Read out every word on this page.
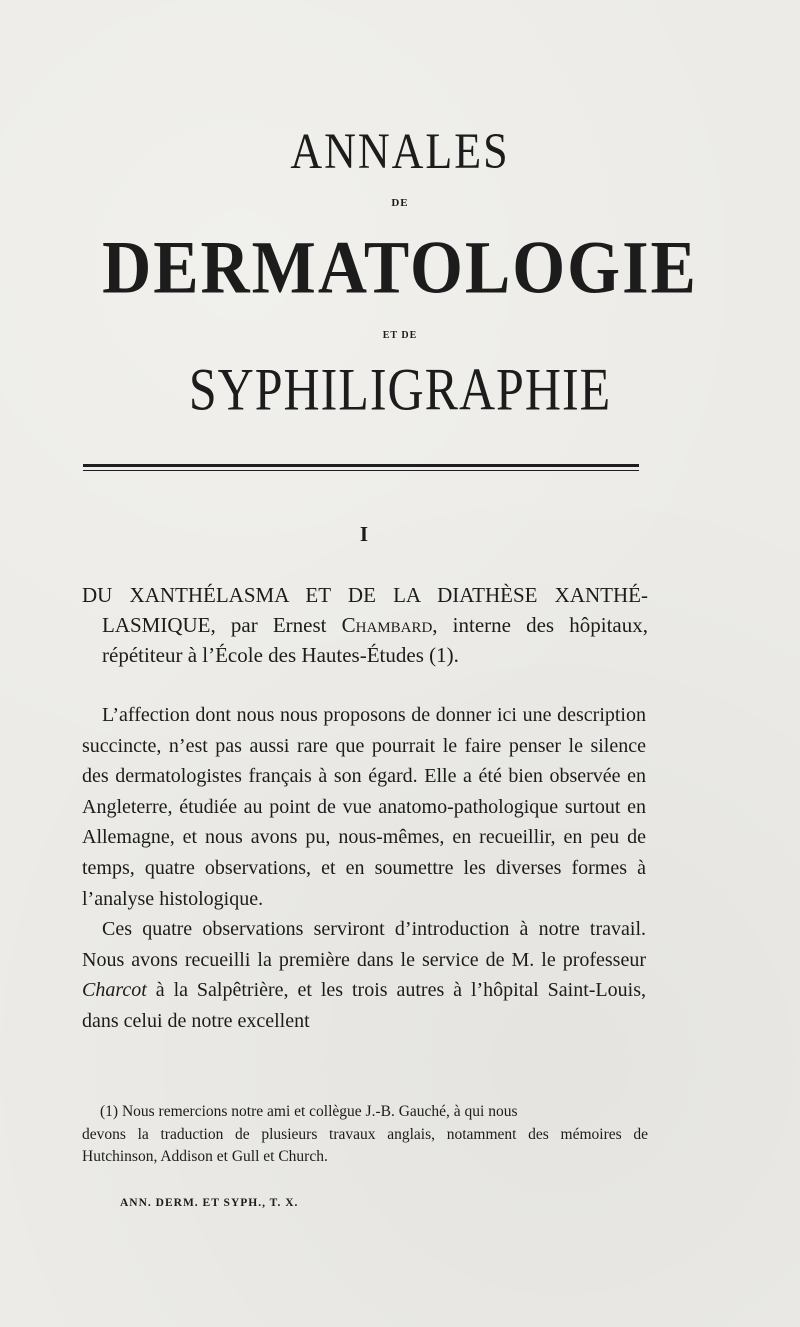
ANNALES
DE
DERMATOLOGIE
ET DE
SYPHILIGRAPHIE
I
DU XANTHÉLASMA ET DE LA DIATHÈSE XANTHÉ-
LASMIQUE, par Ernest Chambard, interne des hôpitaux,
répétiteur à l’École des Hautes-Études (1).

L’affection dont nous nous proposons de donner ici une description succincte, n’est pas aussi rare que pourrait le faire penser le silence des dermatologistes français à son égard. Elle a été bien observée en Angleterre, étudiée au point de vue anatomo-pathologique surtout en Allemagne, et nous avons pu, nous-mêmes, en recueillir, en peu de temps, quatre observations, et en soumettre les diverses formes à l’analyse histologique.

Ces quatre observations serviront d’introduction à notre travail. Nous avons recueilli la première dans le service de M. le professeur Charcot à la Salpêtrière, et les trois autres à l’hôpital Saint-Louis, dans celui de notre excellent

(1) Nous remercions notre ami et collègue J.-B. Gauché, à qui nous
devons la traduction de plusieurs travaux anglais, notamment des mémoires de Hutchinson, Addison et Gull et Church.
ANN. DERM. ET SYPH., T. X.
